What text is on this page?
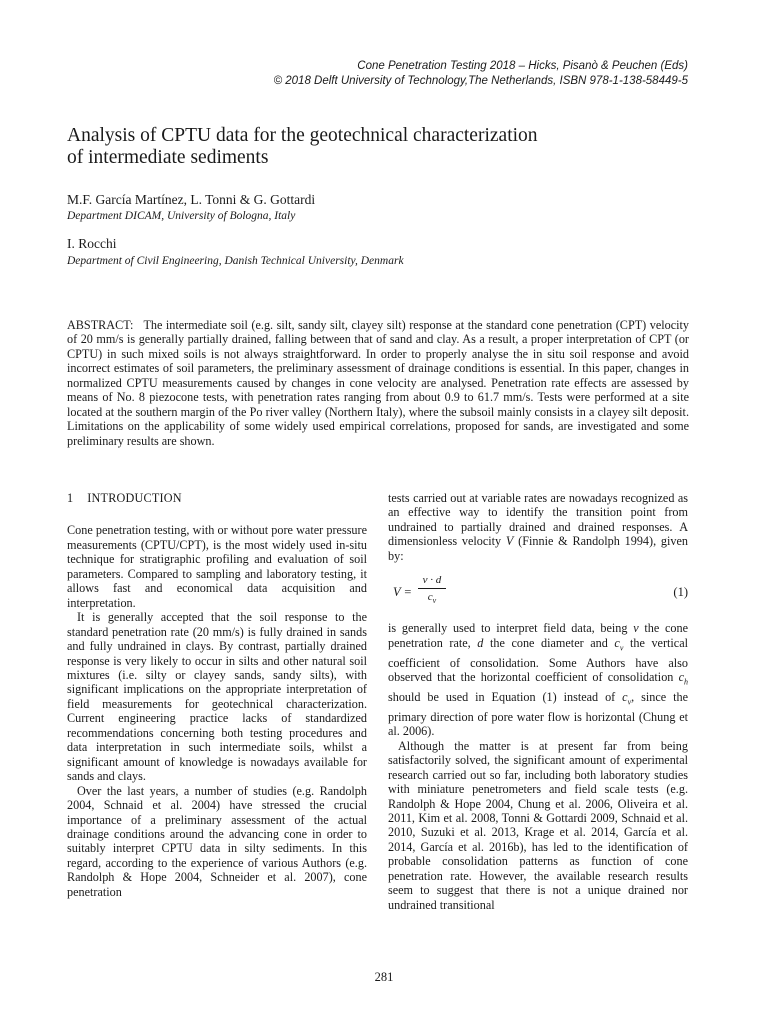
Cone Penetration Testing 2018 – Hicks, Pisanò & Peuchen (Eds)
© 2018 Delft University of Technology,The Netherlands, ISBN 978-1-138-58449-5
Analysis of CPTU data for the geotechnical characterization
of intermediate sediments
M.F. García Martínez, L. Tonni & G. Gottardi
Department DICAM, University of Bologna, Italy
I. Rocchi
Department of Civil Engineering, Danish Technical University, Denmark
ABSTRACT: The intermediate soil (e.g. silt, sandy silt, clayey silt) response at the standard cone penetration (CPT) velocity of 20 mm/s is generally partially drained, falling between that of sand and clay. As a result, a proper interpretation of CPT (or CPTU) in such mixed soils is not always straightforward. In order to properly analyse the in situ soil response and avoid incorrect estimates of soil parameters, the preliminary assessment of drainage conditions is essential. In this paper, changes in normalized CPTU measurements caused by changes in cone velocity are analysed. Penetration rate effects are assessed by means of No. 8 piezocone tests, with penetration rates ranging from about 0.9 to 61.7 mm/s. Tests were performed at a site located at the southern margin of the Po river valley (Northern Italy), where the subsoil mainly consists in a clayey silt deposit. Limitations on the applicability of some widely used empirical correlations, proposed for sands, are investigated and some preliminary results are shown.
1 INTRODUCTION

Cone penetration testing, with or without pore water pressure measurements (CPTU/CPT), is the most widely used in-situ technique for stratigraphic profiling and evaluation of soil parameters. Compared to sampling and laboratory testing, it allows fast and economical data acquisition and interpretation.

It is generally accepted that the soil response to the standard penetration rate (20 mm/s) is fully drained in sands and fully undrained in clays. By contrast, partially drained response is very likely to occur in silts and other natural soil mixtures (i.e. silty or clayey sands, sandy silts), with significant implications on the appropriate interpretation of field measurements for geotechnical characterization. Current engineering practice lacks of standardized recommendations concerning both testing procedures and data interpretation in such intermediate soils, whilst a significant amount of knowledge is nowadays available for sands and clays.

Over the last years, a number of studies (e.g. Randolph 2004, Schnaid et al. 2004) have stressed the crucial importance of a preliminary assessment of the actual drainage conditions around the advancing cone in order to suitably interpret CPTU data in silty sediments. In this regard, according to the experience of various Authors (e.g. Randolph & Hope 2004, Schneider et al. 2007), cone penetration

tests carried out at variable rates are nowadays recognized as an effective way to identify the transition point from undrained to partially drained and drained responses. A dimensionless velocity V (Finnie & Randolph 1994), given by:

V =
v · d
$c_v$
(1)

is generally used to interpret field data, being v the cone penetration rate, d the cone diameter and $c_v$ the vertical coefficient of consolidation. Some Authors have also observed that the horizontal coefficient of consolidation $c_h$ should be used in Equation (1) instead of $c_v$, since the primary direction of pore water flow is horizontal (Chung et al. 2006).

Although the matter is at present far from being satisfactorily solved, the significant amount of experimental research carried out so far, including both laboratory studies with miniature penetrometers and field scale tests (e.g. Randolph & Hope 2004, Chung et al. 2006, Oliveira et al. 2011, Kim et al. 2008, Tonni & Gottardi 2009, Schnaid et al. 2010, Suzuki et al. 2013, Krage et al. 2014, García et al. 2014, García et al. 2016b), has led to the identification of probable consolidation patterns as function of cone penetration rate. However, the available research results seem to suggest that there is not a unique drained nor undrained transitional

281
